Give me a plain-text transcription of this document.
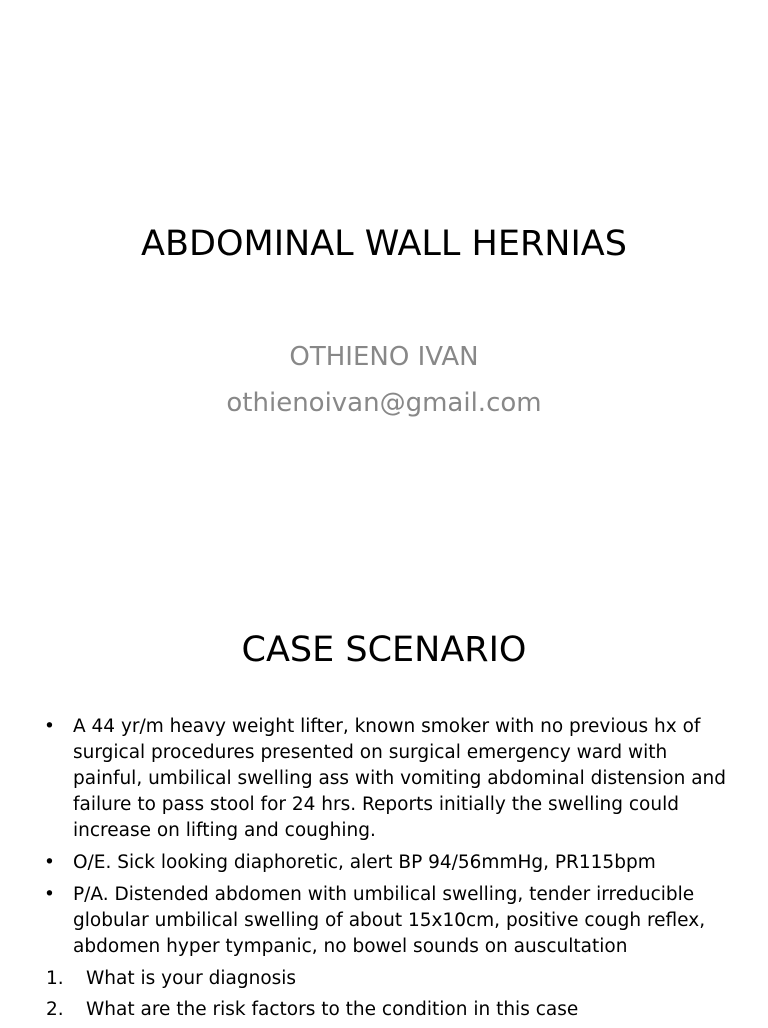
ABDOMINAL WALL HERNIAS
OTHIENO IVAN
othienoivan@gmail.com
CASE SCENARIO
• A 44 yr/m heavy weight lifter, known smoker with no previous hx of surgical procedures presented on surgical emergency ward with painful, umbilical swelling ass with vomiting abdominal distension and failure to pass stool for 24 hrs. Reports initially the swelling could increase on lifting and coughing.
• O/E. Sick looking diaphoretic, alert BP 94/56mmHg, PR115bpm
• P/A. Distended abdomen with umbilical swelling, tender irreducible globular umbilical swelling of about 15x10cm, positive cough reflex, abdomen hyper tympanic, no bowel sounds on auscultation
1. What is your diagnosis
2. What are the risk factors to the condition in this case
